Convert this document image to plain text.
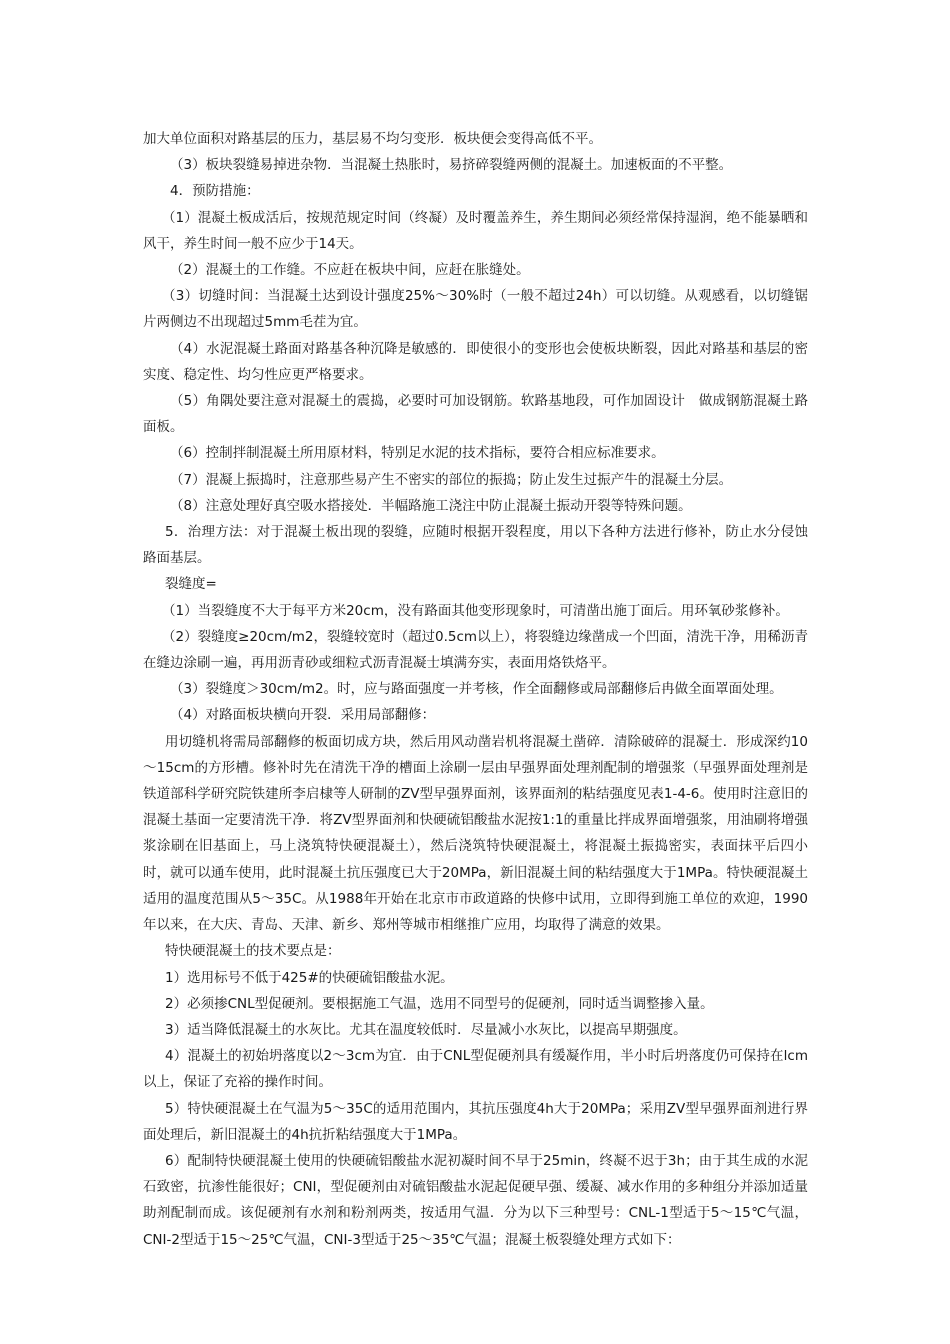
加大单位面积对路基层的压力，基层易不均匀变形．板块便会变得高低不平。

（3）板块裂缝易掉进杂物．当混凝土热胀时，易挤碎裂缝两侧的混凝土。加速板面的不平整。

4．预防措施：

（1）混凝土板成活后，按规范规定时间（终凝）及时覆盖养生，养生期间必须经常保持湿润，绝不能暴晒和风干，养生时间一般不应少于14天。

（2）混凝土的工作缝。不应赶在板块中间，应赶在胀缝处。

（3）切缝时间：当混凝土达到设计强度25%～30%时（一般不超过24h）可以切缝。从观感看，以切缝锯片两侧边不出现超过5mm毛茬为宜。

（4）水泥混凝土路面对路基各种沉降是敏感的．即使很小的变形也会使板块断裂，因此对路基和基层的密实度、稳定性、均匀性应更严格要求。

（5）角隅处要注意对混凝土的震捣，必要时可加设钢筋。软路基地段，可作加固设计　做成钢筋混凝土路面板。

（6）控制拌制混凝土所用原材料，特别足水泥的技术指标，要符合相应标准要求。

（7）混凝上振捣时，注意那些易产生不密实的部位的振捣；防止发生过振产牛的混凝土分层。

（8）注意处理好真空吸水搭接处．半幅路施工浇注中防止混凝土振动开裂等特殊问题。

5．治理方法：对于混凝土板出现的裂缝，应随时根据开裂程度，用以下各种方法进行修补，防止水分侵蚀路面基层。

裂缝度=

（1）当裂缝度不大于每平方米20cm，没有路面其他变形现象时，可清凿出施丁面后。用环氧砂浆修补。

（2）裂缝度≥20cm/m2，裂缝较宽时（超过0.5cm以上），将裂缝边缘凿成一个凹面，清洗干净，用稀沥青在缝边涂刷一遍，再用沥青砂或细粒式沥青混凝士填满夯实，表面用烙铁烙平。

（3）裂缝度＞30cm/m2。时，应与路面强度一并考核，作全面翻修或局部翻修后冉做全面罩面处理。

（4）对路面板块横向开裂．采用局部翻修：

用切缝机将需局部翻修的板面切成方块，然后用风动凿岩机将混凝土凿碎．清除破碎的混凝士．形成深约10～15cm的方形槽。修补时先在清洗干净的槽面上涂刷一层由早强界面处理剂配制的增强浆（早强界面处理剂是铁道部科学研究院铁建所李启棣等人研制的ZV型早强界面剂，该界面剂的粘结强度见表1-4-6。使用时注意旧的混凝土基面一定要清洗干净．将ZV型界面剂和快硬硫铝酸盐水泥按1:1的重量比拌成界面增强浆，用油刷将增强浆涂刷在旧基面上，马上浇筑特快硬混凝土），然后浇筑特快硬混凝土，将混凝土振捣密实，表面抹平后四小时，就可以通车使用，此时混凝土抗压强度已大于20MPa，新旧混凝土间的粘结强度大于1MPa。特快硬混凝土适用的温度范围从5～35C。从1988年开始在北京市市政道路的快修中试用，立即得到施工单位的欢迎，1990年以来，在大庆、青岛、天津、新乡、郑州等城市相继推广应用，均取得了满意的效果。

特快硬混凝土的技术要点是：

1）选用标号不低于425#的快硬硫铝酸盐水泥。

2）必须掺CNL型促硬剂。要根据施工气温，选用不同型号的促硬剂，同时适当调整掺入量。

3）适当降低混凝土的水灰比。尤其在温度较低时．尽量减小水灰比，以提高早期强度。

4）混凝土的初始坍落度以2～3cm为宜．由于CNL型促硬剂具有缓凝作用，半小时后坍落度仍可保持在lcm以上，保证了充裕的操作时间。

5）特快硬混凝土在气温为5～35C的适用范围内，其抗压强度4h大于20MPa；采用ZV型早强界面剂进行界面处理后，新旧混凝土的4h抗折粘结强度大于1MPa。

6）配制特快硬混凝土使用的快硬硫铝酸盐水泥初凝时间不早于25min，终凝不迟于3h；由于其生成的水泥石致密，抗渗性能很好；CNI，型促硬剂由对硫铝酸盐水泥起促硬早强、缓凝、减水作用的多种组分并添加适量助剂配制而成。该促硬剂有水剂和粉剂两类，按适用气温．分为以下三种型号：CNL-1型适于5～15℃气温，CNI-2型适于15～25℃气温，CNI-3型适于25～35℃气温；混凝土板裂缝处理方式如下：
